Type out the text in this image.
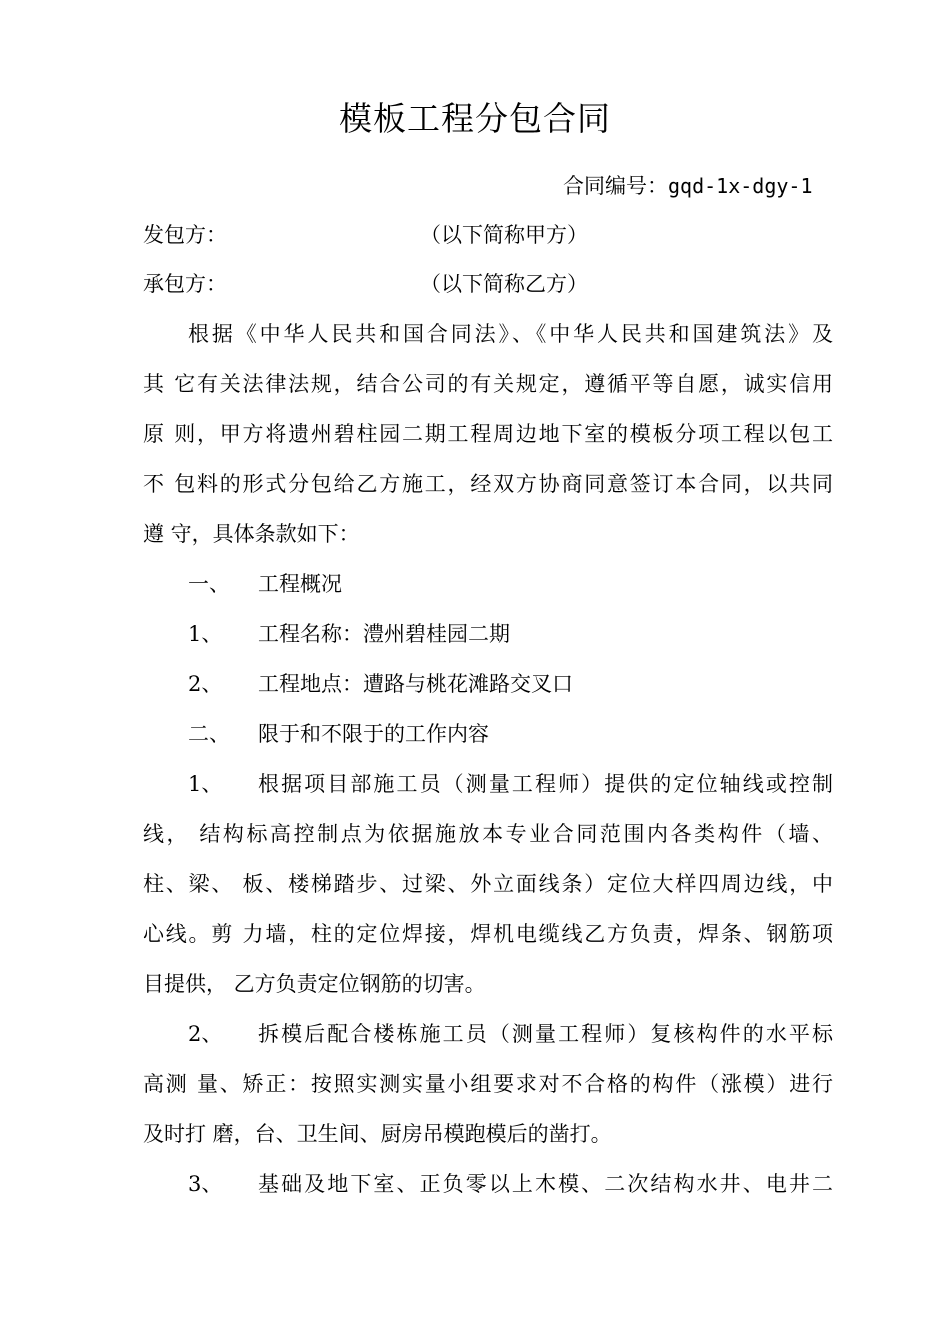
模板工程分包合同
合同编号：gqd-1x-dgy-1
发包方：	（以下简称甲方）
承包方：	（以下简称乙方）
根据《中华人民共和国合同法》、《中华人民共和国建筑法》及
其 它有关法律法规，结合公司的有关规定，遵循平等自愿，诚实信用
原 则，甲方将遗州碧柱园二期工程周边地下室的模板分项工程以包工
不 包料的形式分包给乙方施工，经双方协商同意签订本合同，以共同
遵 守，具体条款如下：
一、 工程概况
1、 工程名称：澧州碧桂园二期
2、 工程地点：遭路与桃花滩路交叉口
二、 限于和不限于的工作内容
1、 根据项目部施工员（测量工程师）提供的定位轴线或控制
线， 结构标高控制点为依据施放本专业合同范围内各类构件（墙、
柱、梁、 板、楼梯踏步、过梁、外立面线条）定位大样四周边线，中
心线。剪 力墙，柱的定位焊接，焊机电缆线乙方负责，焊条、钢筋项
目提供， 乙方负责定位钢筋的切害。
2、 拆模后配合楼栋施工员（测量工程师）复核构件的水平标
高测 量、矫正：按照实测实量小组要求对不合格的构件（涨模）进行
及时打 磨，台、卫生间、厨房吊模跑模后的凿打。
3、 基础及地下室、正负零以上木模、二次结构水井、电井二
